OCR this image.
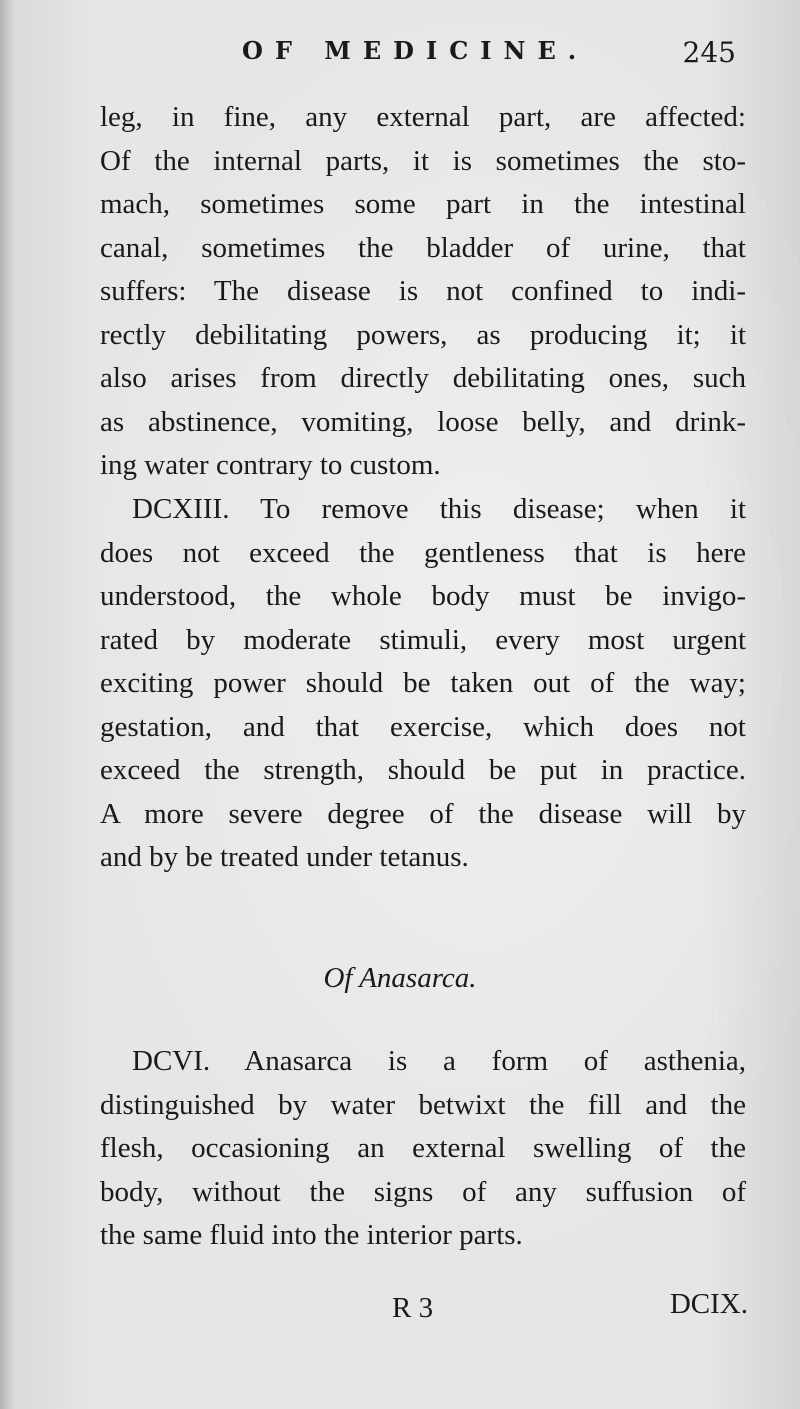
OF MEDICINE.	245
leg, in fine, any external part, are affected:
Of the internal parts, it is sometimes the sto-
mach, sometimes some part in the intestinal
canal, sometimes the bladder of urine, that
suffers: The disease is not confined to indi-
rectly debilitating powers, as producing it; it
also arises from directly debilitating ones, such
as abstinence, vomiting, loose belly, and drink-
ing water contrary to custom.
DCXIII. To remove this disease; when it
does not exceed the gentleness that is here
understood, the whole body must be invigo-
rated by moderate stimuli, every most urgent
exciting power should be taken out of the way;
gestation, and that exercise, which does not
exceed the strength, should be put in practice.
A more severe degree of the disease will by
and by be treated under tetanus.

Of Anasarca.
DCVI. Anasarca is a form of asthenia,
distinguished by water betwixt the fill and the
flesh, occasioning an external swelling of the
body, without the signs of any suffusion of
the same fluid into the interior parts.
R 3	DCIX.
